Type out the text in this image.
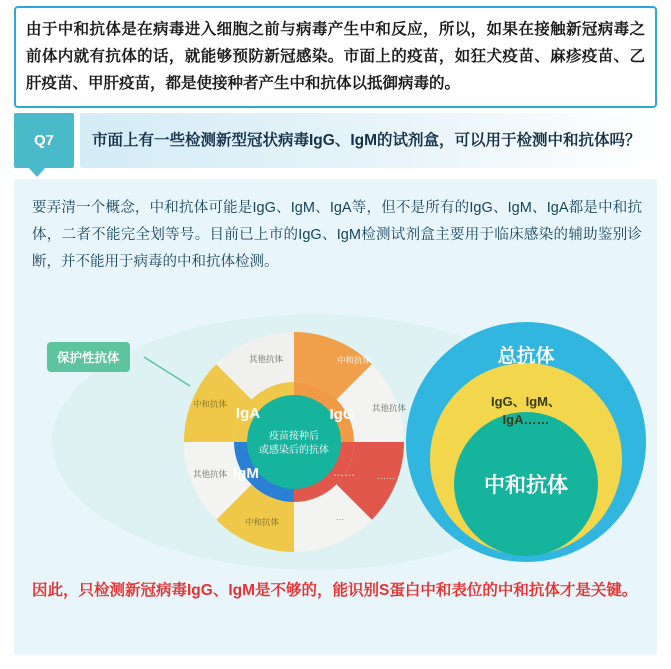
由于中和抗体是在病毒进入细胞之前与病毒产生中和反应，所以，如果在接触新冠病毒之前体内就有抗体的话，就能够预防新冠感染。市面上的疫苗，如狂犬疫苗、麻疹疫苗、乙肝疫苗、甲肝疫苗，都是使接种者产生中和抗体以抵御病毒的。
Q7	市面上有一些检测新型冠状病毒IgG、IgM的试剂盒，可以用于检测中和抗体吗？
要弄清一个概念，中和抗体可能是IgG、IgM、IgA等，但不是所有的IgG、IgM、IgA都是中和抗体，二者不能完全划等号。目前已上市的IgG、IgM检测试剂盒主要用于临床感染的辅助鉴别诊断，并不能用于病毒的中和抗体检测。
其他抗体	中和抗体
其他抗体
……
…
中和抗体
其他抗体
中和抗体
IgA	IgG
……
IgM
疫苗接种后
或感染后的抗体
总抗体
IgG、IgM、
IgA……
中和抗体
保护性抗体
因此，只检测新冠病毒IgG、IgM是不够的，能识别S蛋白中和表位的中和抗体才是关键。
